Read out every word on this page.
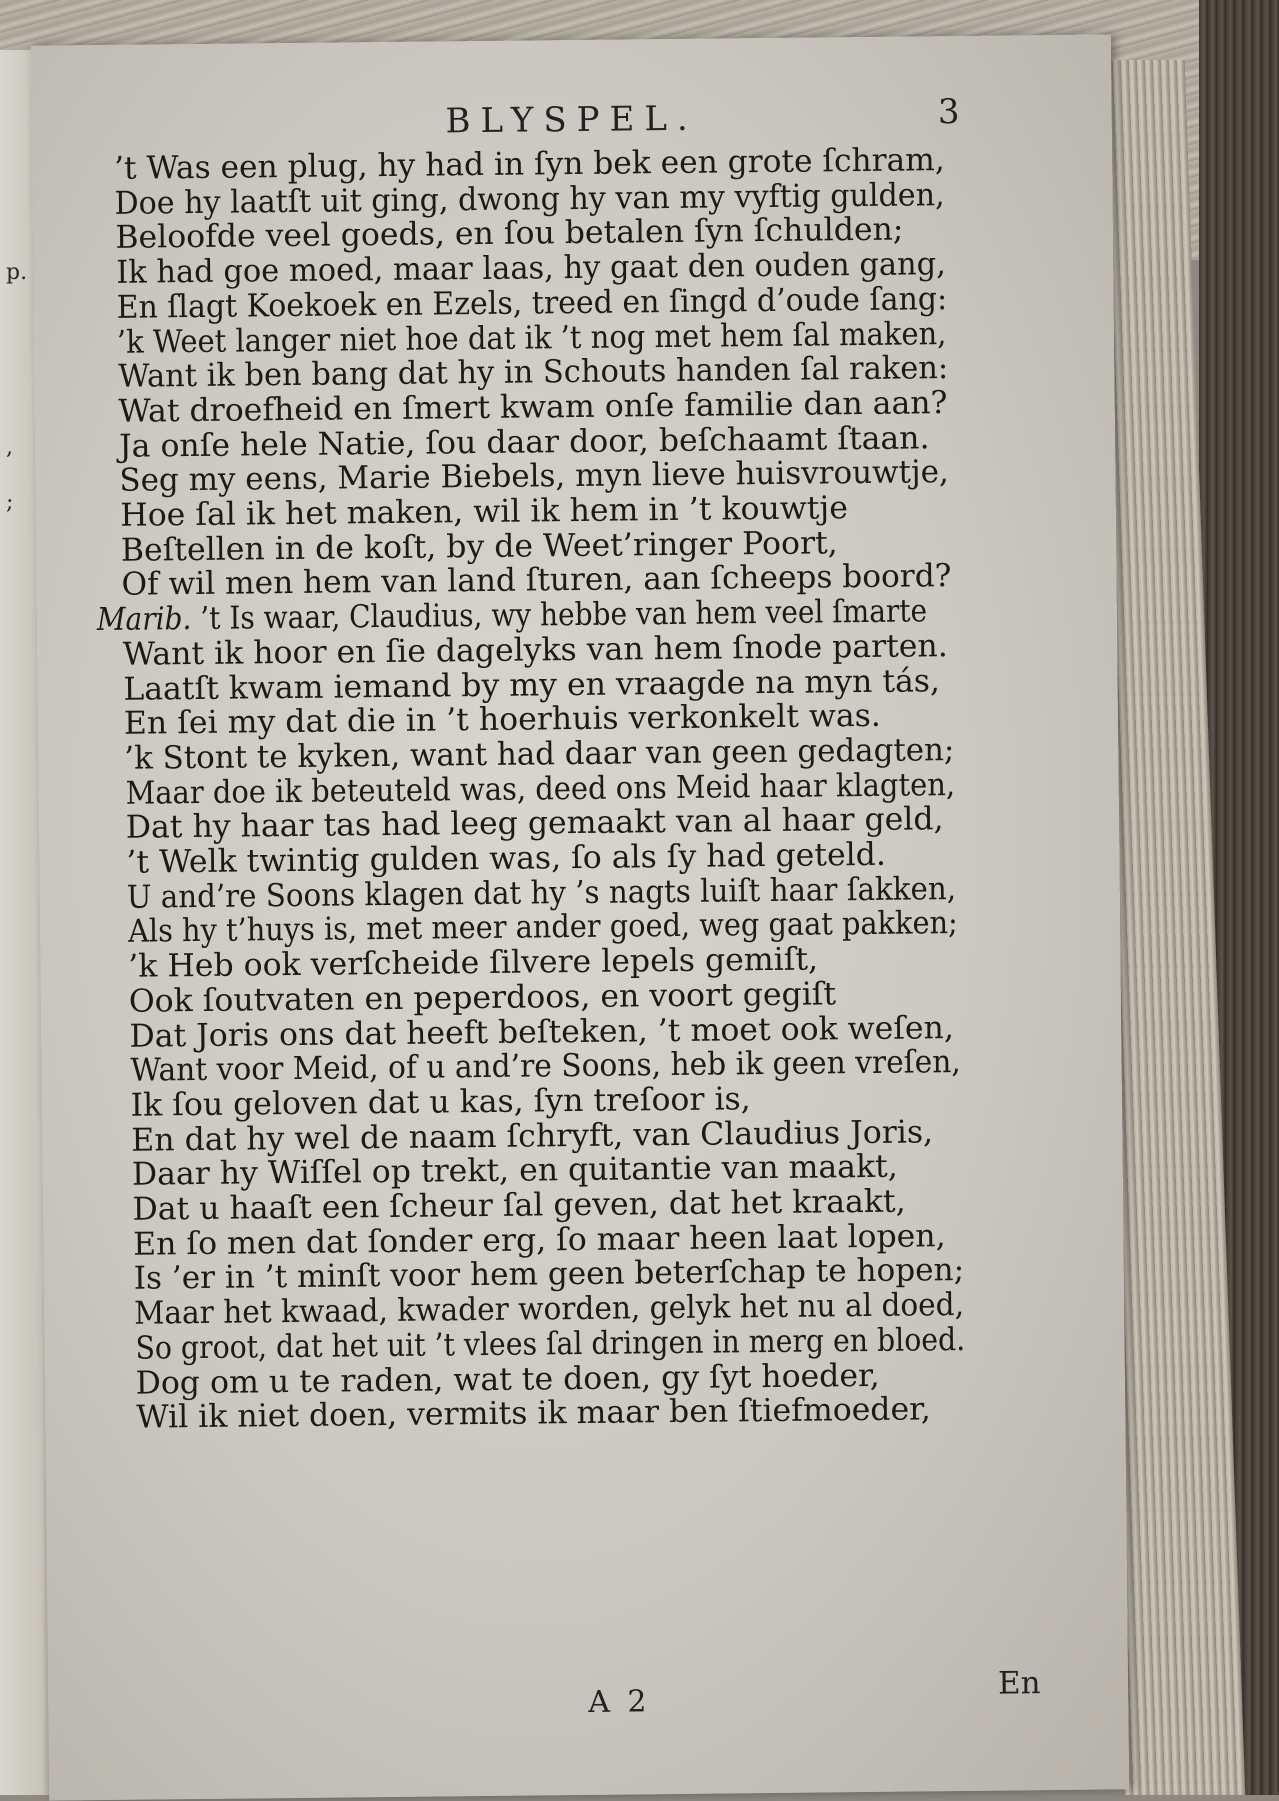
p.
,
;
BLYSPEL.	3
’t Was een plug, hy had in ſyn bek een grote ſchram,
Doe hy laatſt uit ging, dwong hy van my vyftig gulden,
Beloofde veel goeds, en ſou betalen ſyn ſchulden;
Ik had goe moed, maar laas, hy gaat den ouden gang,
En ſlagt Koekoek en Ezels, treed en ſingd d’oude ſang:
’k Weet langer niet hoe dat ik ’t nog met hem ſal maken,
Want ik ben bang dat hy in Schouts handen ſal raken:
Wat droefheid en ſmert kwam onſe familie dan aan?
Ja onſe hele Natie, ſou daar door, beſchaamt ſtaan.
Seg my eens, Marie Biebels, myn lieve huisvrouwtje,
Hoe ſal ik het maken, wil ik hem in ’t kouwtje
Beſtellen in de koſt, by de Weet’ringer Poort,
Of wil men hem van land ſturen, aan ſcheeps boord?
Marib. ’t Is waar, Claudius, wy hebbe van hem veel ſmarte
Want ik hoor en ſie dagelyks van hem ſnode parten.
Laatſt kwam iemand by my en vraagde na myn tás,
En ſei my dat die in ’t hoerhuis verkonkelt was.
’k Stont te kyken, want had daar van geen gedagten;
Maar doe ik beteuteld was, deed ons Meid haar klagten,
Dat hy haar tas had leeg gemaakt van al haar geld,
’t Welk twintig gulden was, ſo als ſy had geteld.
U and’re Soons klagen dat hy ’s nagts luiſt haar ſakken,
Als hy t’huys is, met meer ander goed, weg gaat pakken;
’k Heb ook verſcheide ſilvere lepels gemiſt,
Ook ſoutvaten en peperdoos, en voort gegiſt
Dat Joris ons dat heeft beſteken, ’t moet ook weſen,
Want voor Meid, of u and’re Soons, heb ik geen vreſen,
Ik ſou geloven dat u kas, ſyn treſoor is,
En dat hy wel de naam ſchryft, van Claudius Joris,
Daar hy Wiſſel op trekt, en quitantie van maakt,
Dat u haaſt een ſcheur ſal geven, dat het kraakt,
En ſo men dat ſonder erg, ſo maar heen laat lopen,
Is ’er in ’t minſt voor hem geen beterſchap te hopen;
Maar het kwaad, kwader worden, gelyk het nu al doed,
So groot, dat het uit ’t vlees ſal dringen in merg en bloed.
Dog om u te raden, wat te doen, gy ſyt hoeder,
Wil ik niet doen, vermits ik maar ben ſtiefmoeder,
A 2
En
